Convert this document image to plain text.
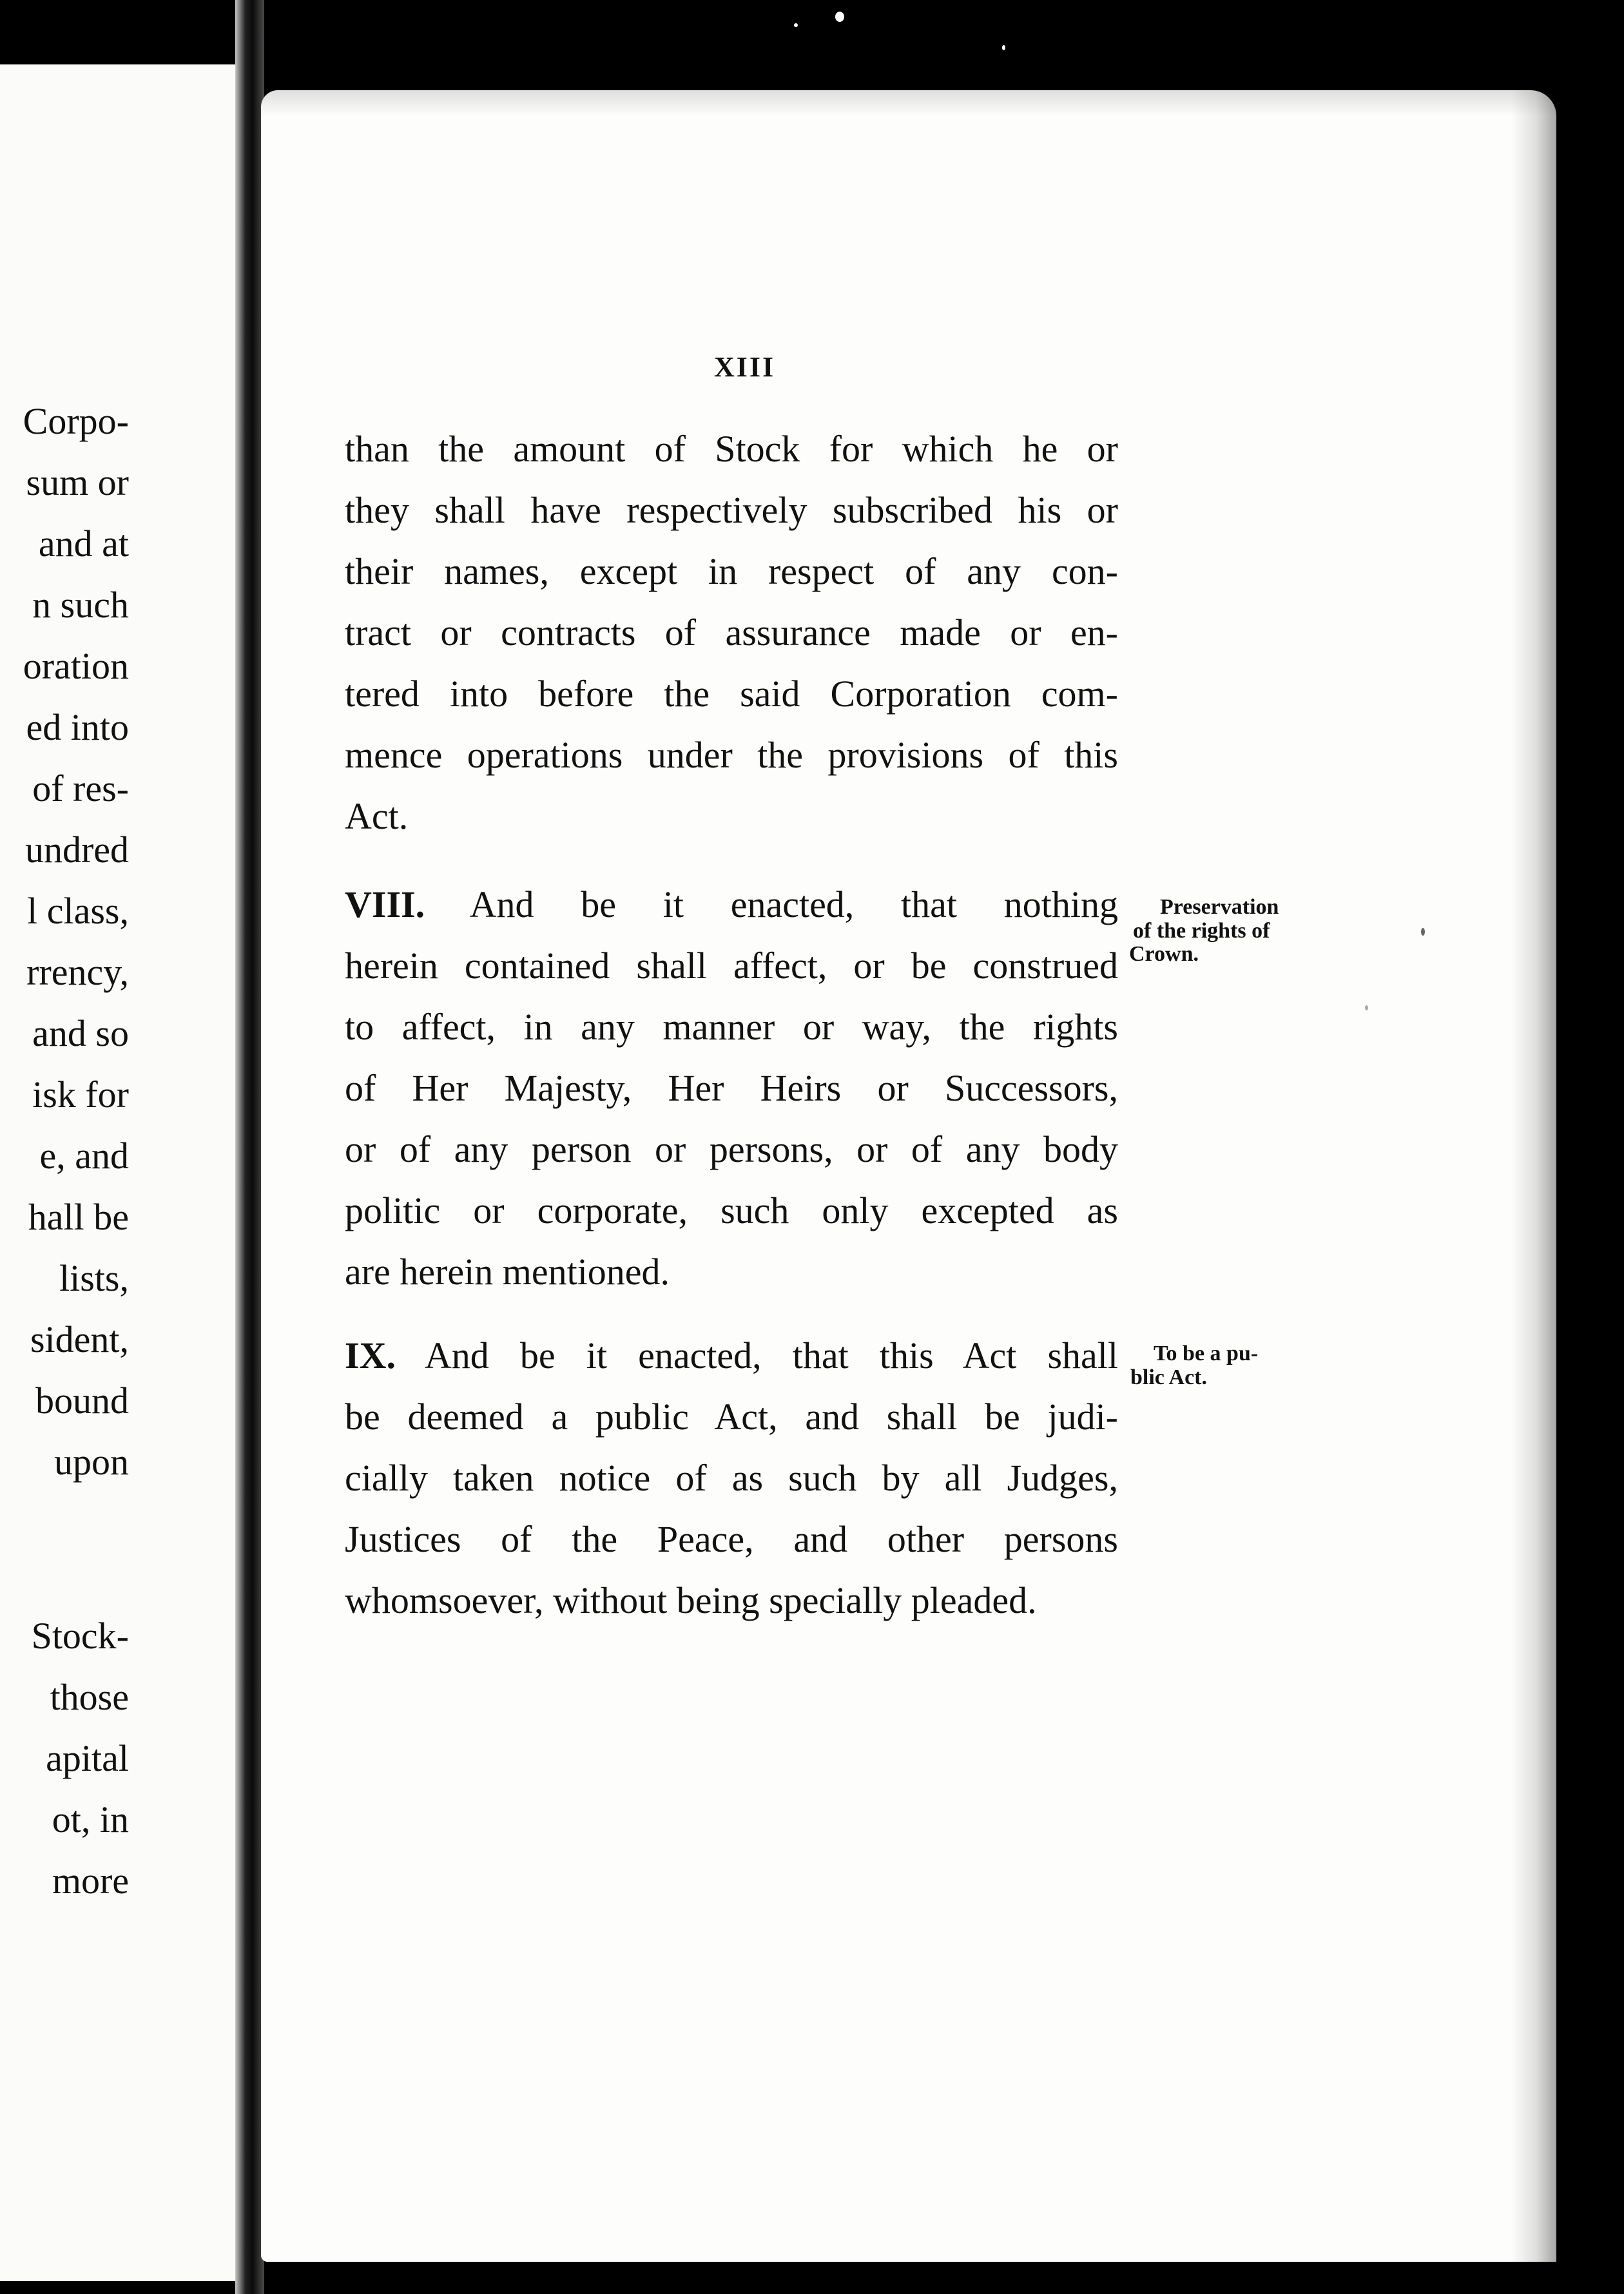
Corpo-
sum or
and at
n such
oration
ed into
of res-
undred
l class,
rrency,
and so
isk for
e, and
hall be
lists,
sident,
bound
upon
Stock-
those
apital
ot, in
more
XIII
than the amount of Stock for which he or
they shall have respectively subscribed his or
their names, except in respect of any con-
tract or contracts of assurance made or en-
tered into before the said Corporation com-
mence operations under the provisions of this
Act.
VIII. And be it enacted, that nothing
herein contained shall affect, or be construed
to affect, in any manner or way, the rights
of Her Majesty, Her Heirs or Successors,
or of any person or persons, or of any body
politic or corporate, such only excepted as
are herein mentioned.
Preservation
of the rights of
Crown.
IX. And be it enacted, that this Act shall
be deemed a public Act, and shall be judi-
cially taken notice of as such by all Judges,
Justices of the Peace, and other persons
whomsoever, without being specially pleaded.
To be a pu-
blic Act.
